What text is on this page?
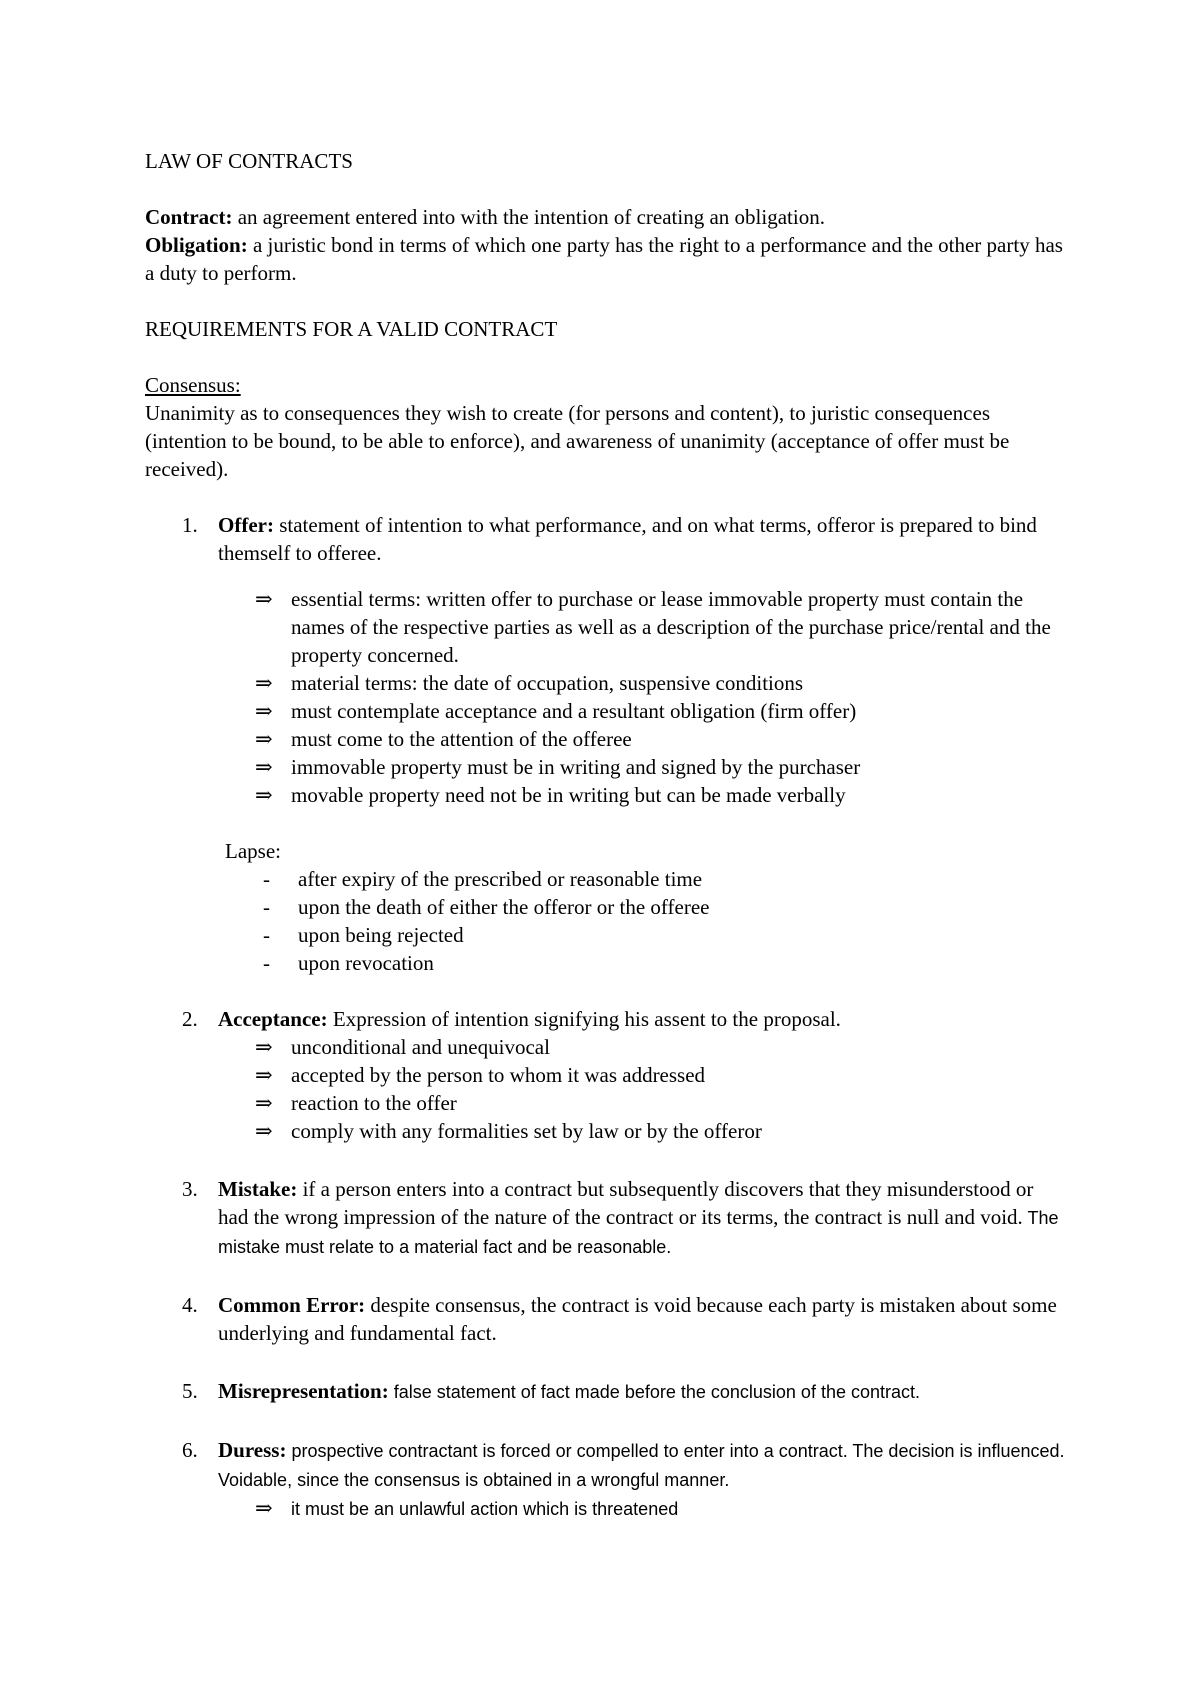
LAW OF CONTRACTS

Contract: an agreement entered into with the intention of creating an obligation.

Obligation: a juristic bond in terms of which one party has the right to a performance and the other party has a duty to perform.

REQUIREMENTS FOR A VALID CONTRACT

Consensus:

Unanimity as to consequences they wish to create (for persons and content), to juristic consequences (intention to be bound, to be able to enforce), and awareness of unanimity (acceptance of offer must be received).

1. Offer: statement of intention to what performance, and on what terms, offeror is prepared to bind themself to offeree.
⇒ essential terms: written offer to purchase or lease immovable property must contain the names of the respective parties as well as a description of the purchase price/rental and the property concerned.
⇒ material terms: the date of occupation, suspensive conditions
⇒ must contemplate acceptance and a resultant obligation (firm offer)
⇒ must come to the attention of the offeree
⇒ immovable property must be in writing and signed by the purchaser
⇒ movable property need not be in writing but can be made verbally

Lapse:

- after expiry of the prescribed or reasonable time
- upon the death of either the offeror or the offeree
- upon being rejected
- upon revocation
2. Acceptance: Expression of intention signifying his assent to the proposal.
⇒ unconditional and unequivocal
⇒ accepted by the person to whom it was addressed
⇒ reaction to the offer
⇒ comply with any formalities set by law or by the offeror
3. Mistake: if a person enters into a contract but subsequently discovers that they misunderstood or had the wrong impression of the nature of the contract or its terms, the contract is null and void. The mistake must relate to a material fact and be reasonable.
4. Common Error: despite consensus, the contract is void because each party is mistaken about some underlying and fundamental fact.
5. Misrepresentation: false statement of fact made before the conclusion of the contract.
6. Duress: prospective contractant is forced or compelled to enter into a contract. The decision is influenced. Voidable, since the consensus is obtained in a wrongful manner.
⇒ it must be an unlawful action which is threatened
